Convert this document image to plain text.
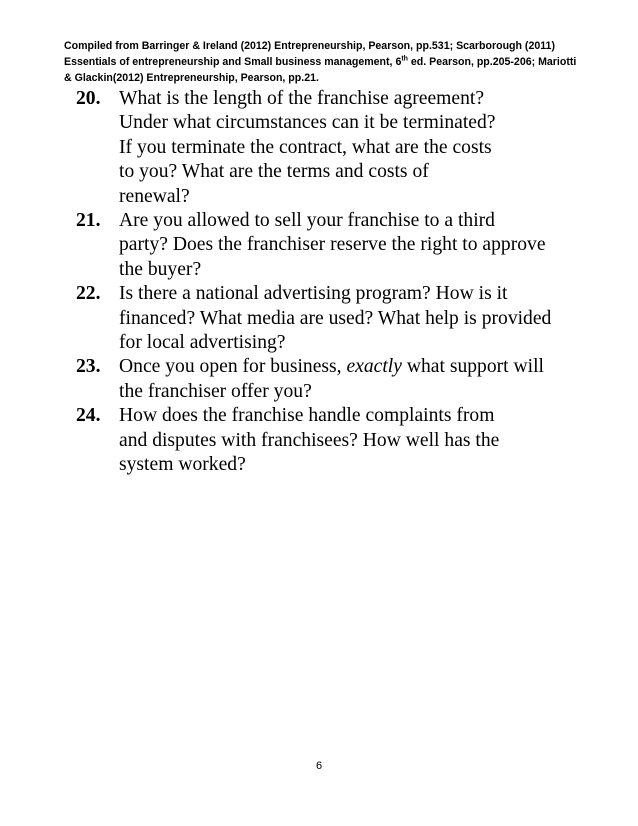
Compiled from Barringer & Ireland (2012) Entrepreneurship, Pearson, pp.531; Scarborough (2011)
Essentials of entrepreneurship and Small business management, 6th ed. Pearson, pp.205-206; Mariotti
& Glackin(2012) Entrepreneurship, Pearson, pp.21.
20. What is the length of the franchise agreement?
Under what circumstances can it be terminated?
If you terminate the contract, what are the costs
to you? What are the terms and costs of
renewal?
21. Are you allowed to sell your franchise to a third
party? Does the franchiser reserve the right to approve
the buyer?
22. Is there a national advertising program? How is it
financed? What media are used? What help is provided
for local advertising?
23. Once you open for business, exactly what support will
the franchiser offer you?
24. How does the franchise handle complaints from
and disputes with franchisees? How well has the
system worked?
6
